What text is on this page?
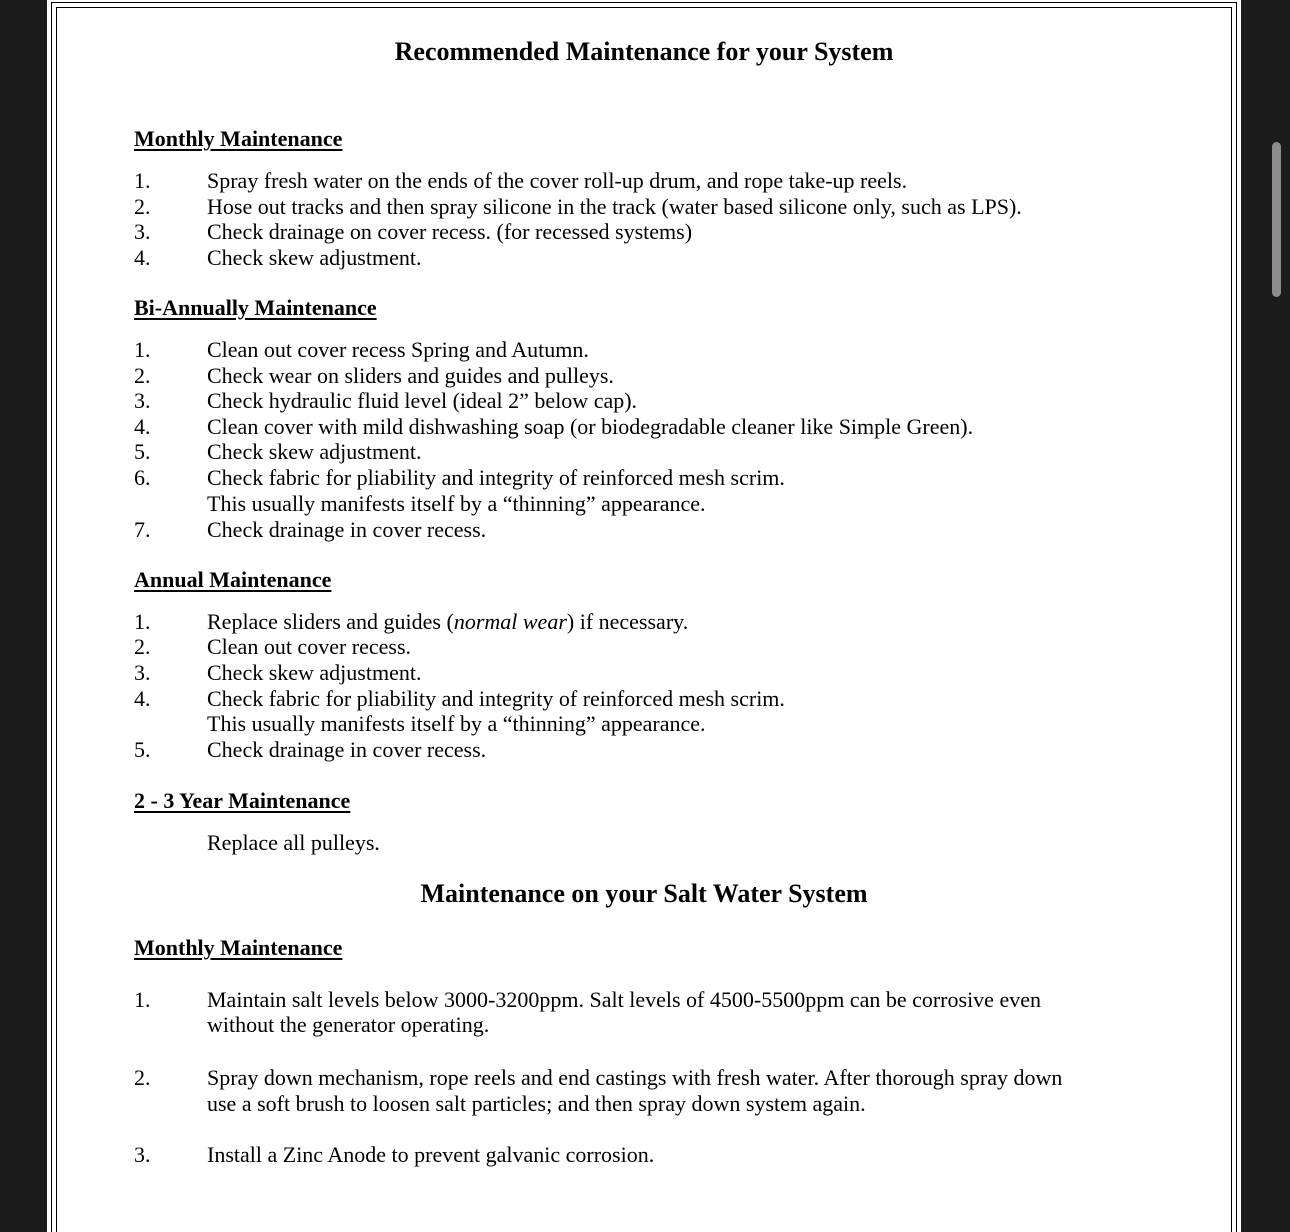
Recommended Maintenance for your System
Monthly Maintenance
1.	Spray fresh water on the ends of the cover roll-up drum, and rope take-up reels.
2.	Hose out tracks and then spray silicone in the track (water based silicone only, such as LPS).
3.	Check drainage on cover recess. (for recessed systems)
4.	Check skew adjustment.
Bi-Annually Maintenance
1.	Clean out cover recess Spring and Autumn.
2.	Check wear on sliders and guides and pulleys.
3.	Check hydraulic fluid level (ideal 2” below cap).
4.	Clean cover with mild dishwashing soap (or biodegradable cleaner like Simple Green).
5.	Check skew adjustment.
6.	Check fabric for pliability and integrity of reinforced mesh scrim.
This usually manifests itself by a “thinning” appearance.
7.	Check drainage in cover recess.
Annual Maintenance
1.	Replace sliders and guides (normal wear) if necessary.
2.	Clean out cover recess.
3.	Check skew adjustment.
4.	Check fabric for pliability and integrity of reinforced mesh scrim.
This usually manifests itself by a “thinning” appearance.
5.	Check drainage in cover recess.
2 - 3 Year Maintenance
Replace all pulleys.
Maintenance on your Salt Water System
Monthly Maintenance
1.	Maintain salt levels below 3000-3200ppm. Salt levels of 4500-5500ppm can be corrosive even
without the generator operating.
2.	Spray down mechanism, rope reels and end castings with fresh water. After thorough spray down
use a soft brush to loosen salt particles; and then spray down system again.
3.	Install a Zinc Anode to prevent galvanic corrosion.
